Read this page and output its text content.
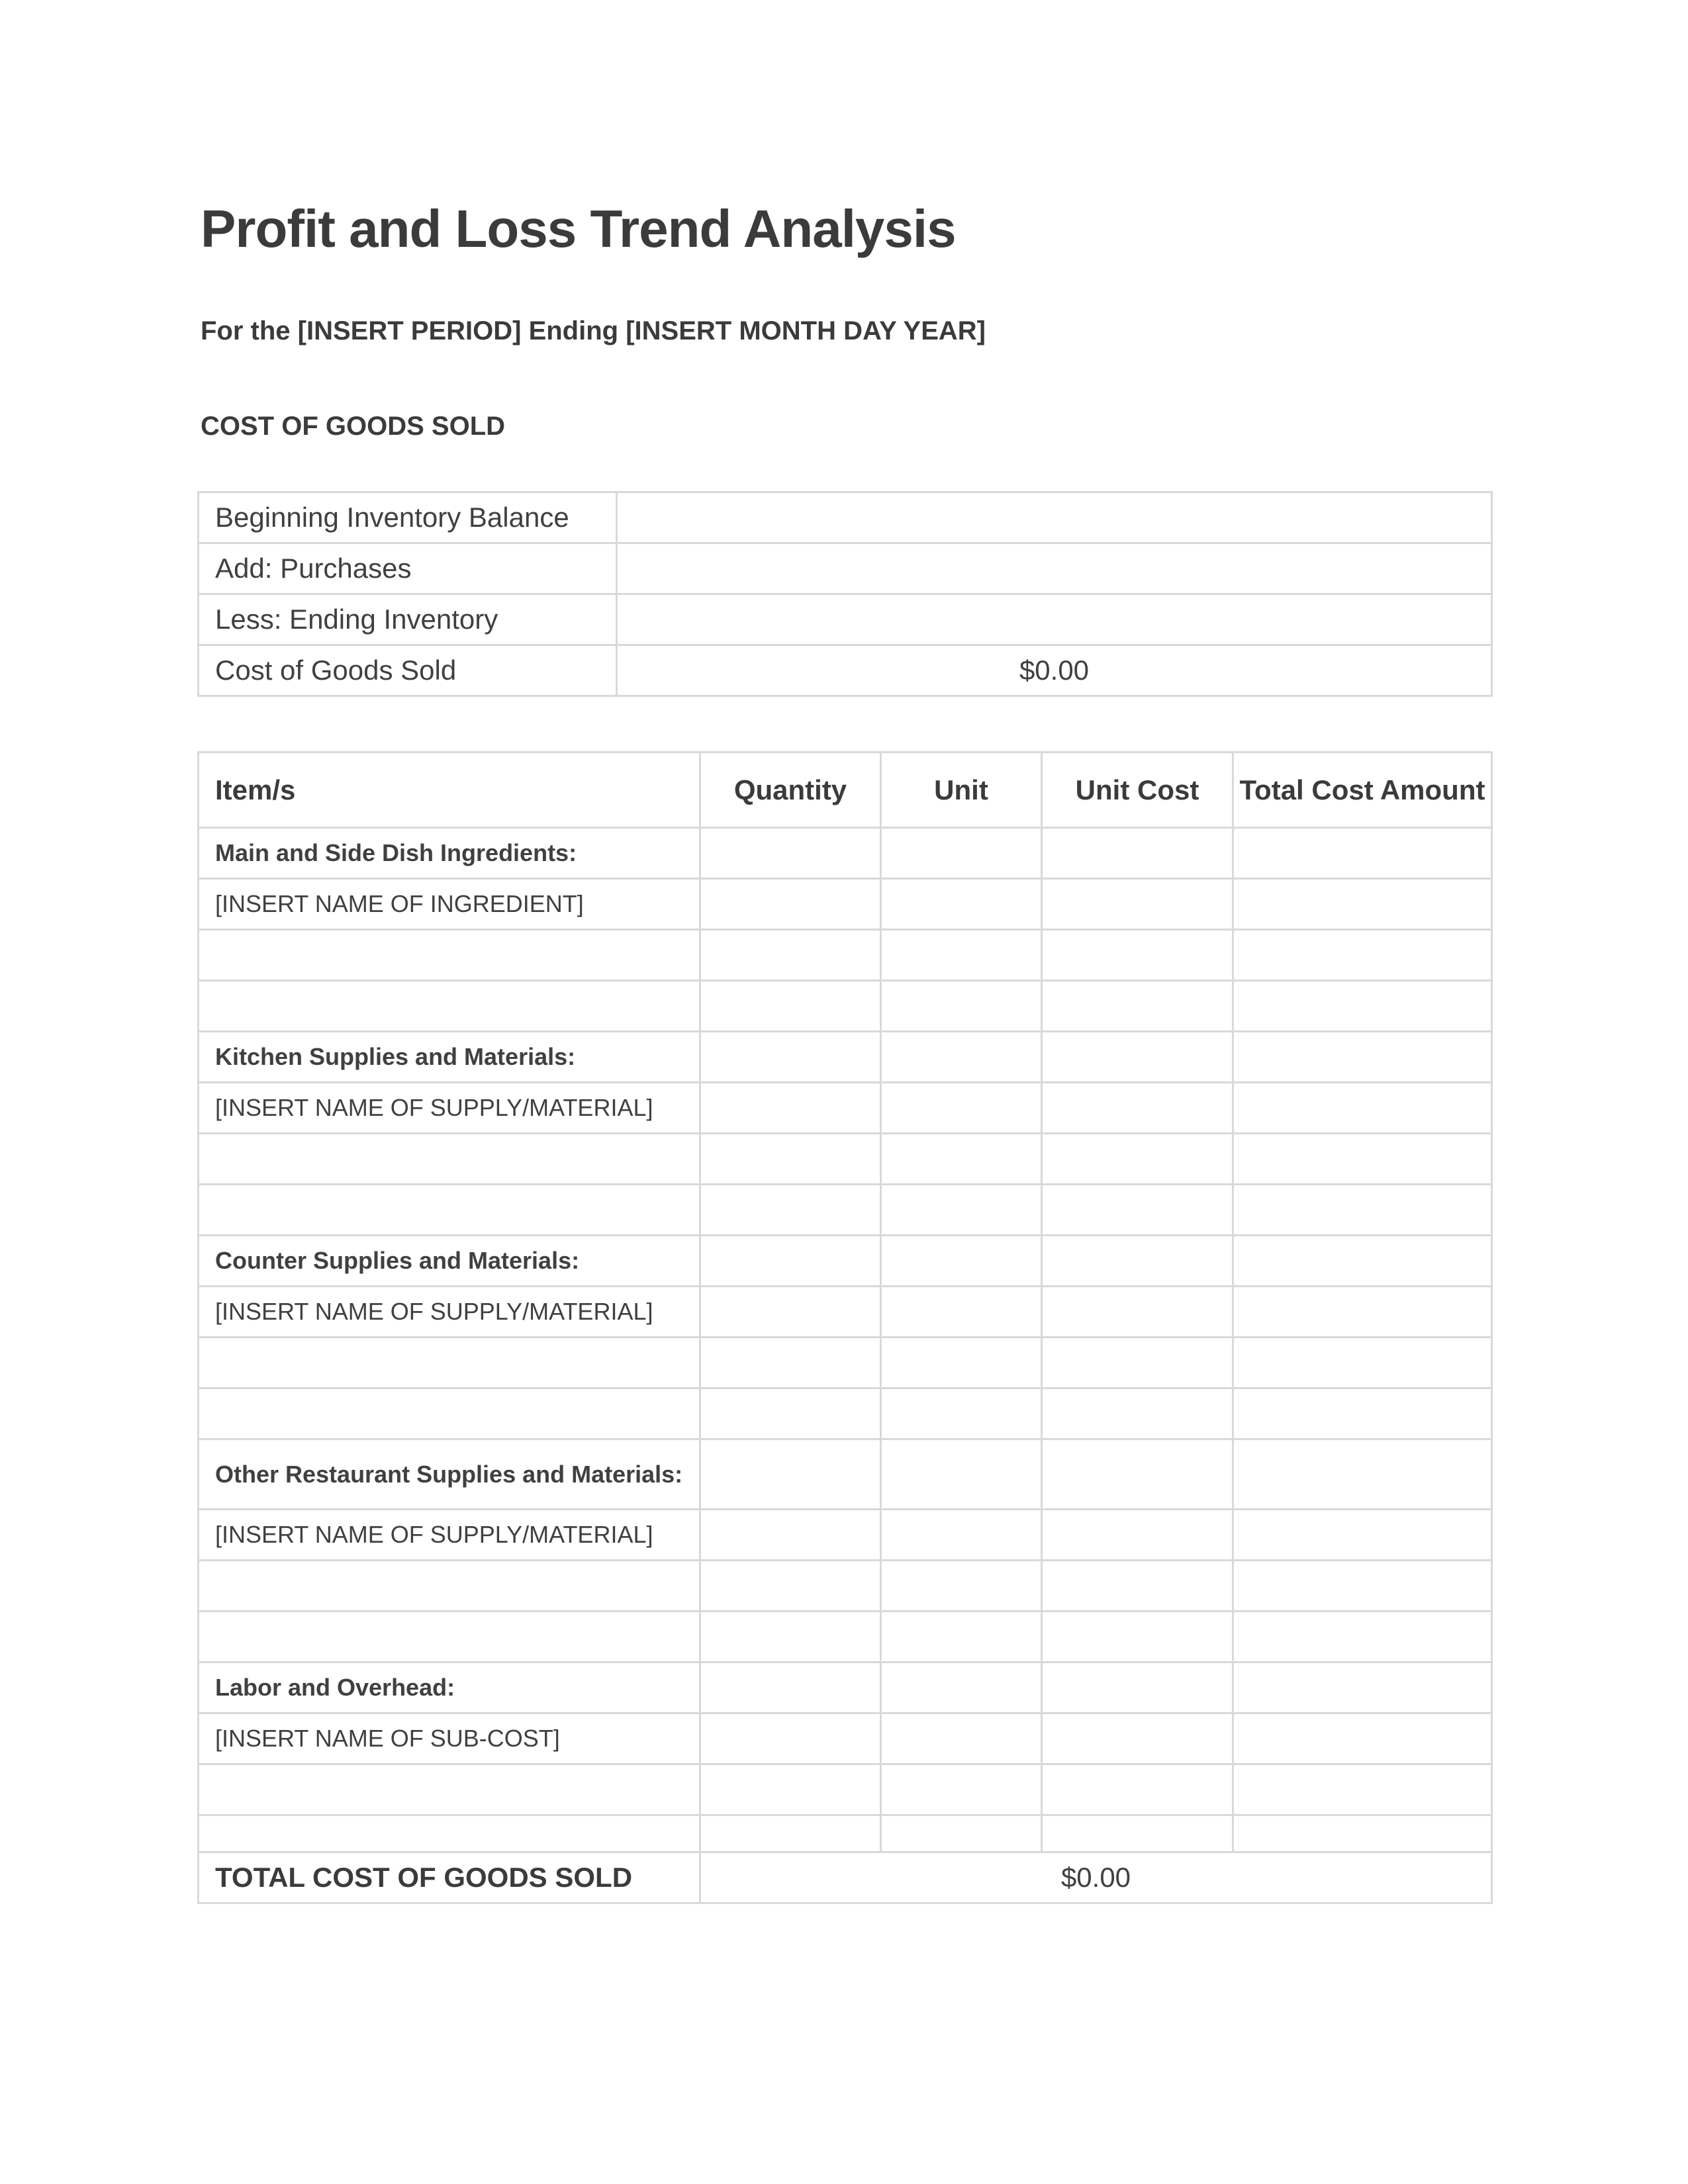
Profit and Loss Trend Analysis
For the [INSERT PERIOD] Ending [INSERT MONTH DAY YEAR]
COST OF GOODS SOLD
Beginning Inventory Balance	
Add: Purchases	
Less: Ending Inventory	
Cost of Goods Sold	$0.00
Item/s	Quantity	Unit	Unit Cost	Total Cost Amount
Main and Side Dish Ingredients:				
[INSERT NAME OF INGREDIENT]				

Kitchen Supplies and Materials:				
[INSERT NAME OF SUPPLY/MATERIAL]				

Counter Supplies and Materials:				
[INSERT NAME OF SUPPLY/MATERIAL]				

Other Restaurant Supplies and Materials:				
[INSERT NAME OF SUPPLY/MATERIAL]				

Labor and Overhead:				
[INSERT NAME OF SUB-COST]				

TOTAL COST OF GOODS SOLD	$0.00			
